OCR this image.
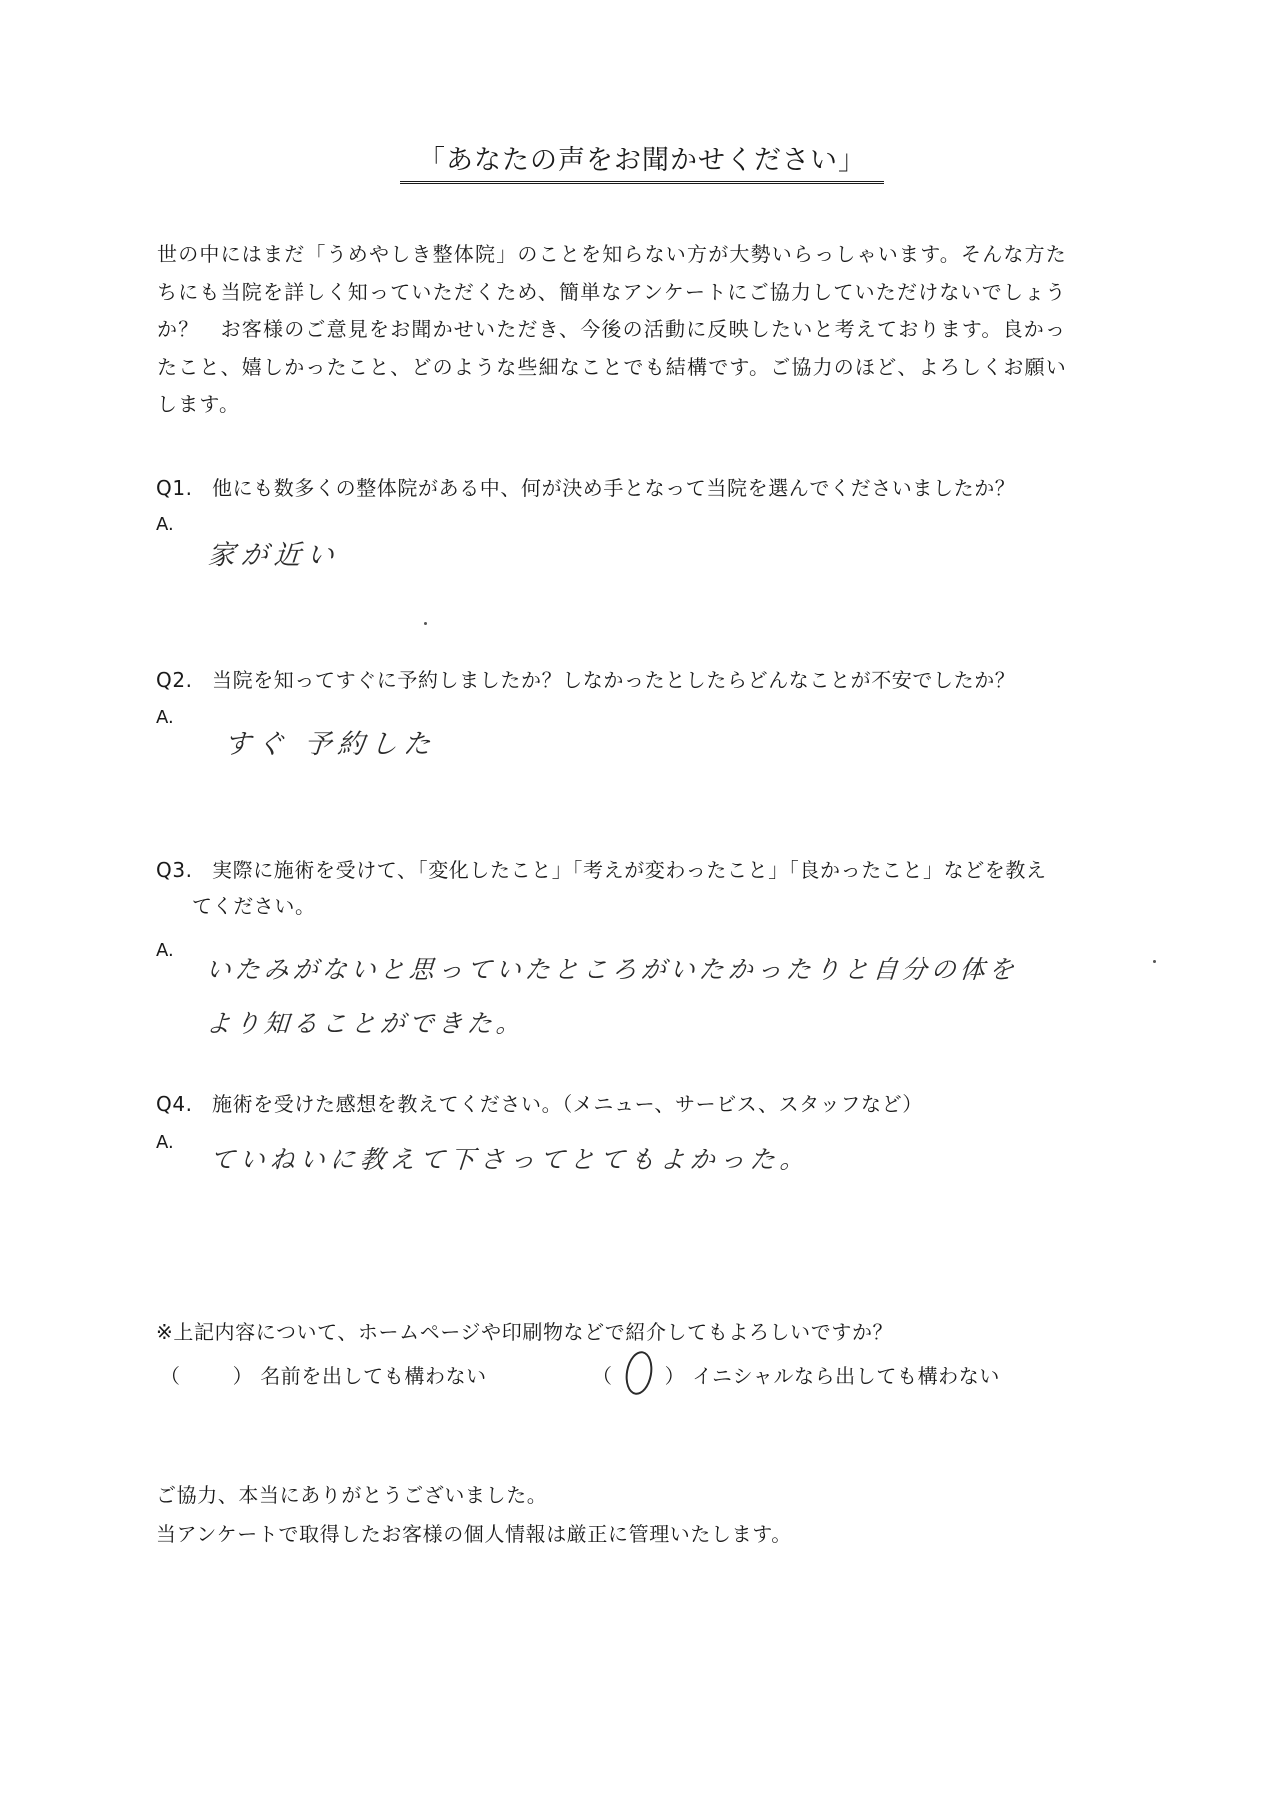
「あなたの声をお聞かせください」

世の中にはまだ「うめやしき整体院」のことを知らない方が大勢いらっしゃいます。そんな方た

ちにも当院を詳しく知っていただくため、簡単なアンケートにご協力していただけないでしょう

か？　お客様のご意見をお聞かせいただき、今後の活動に反映したいと考えております。良かっ

たこと、嬉しかったこと、どのような些細なことでも結構です。ご協力のほど、よろしくお願い

します。

Q1. 他にも数多くの整体院がある中、何が決め手となって当院を選んでくださいましたか？
A.
家が近い
Q2. 当院を知ってすぐに予約しましたか？しなかったとしたらどんなことが不安でしたか？
A.
すぐ 予約した
Q3. 実際に施術を受けて、「変化したこと」「考えが変わったこと」「良かったこと」などを教え
てください。
A.
いたみがないと思っていたところがいたかったりと自分の体を
より知ることができた。
Q4. 施術を受けた感想を教えてください。（メニュー、サービス、スタッフなど）
A.
ていねいに教えて下さってとてもよかった。
※上記内容について、ホームページや印刷物などで紹介してもよろしいですか？
（	） 名前を出しても構わない	（	） イニシャルなら出しても構わない

ご協力、本当にありがとうございました。

当アンケートで取得したお客様の個人情報は厳正に管理いたします。
